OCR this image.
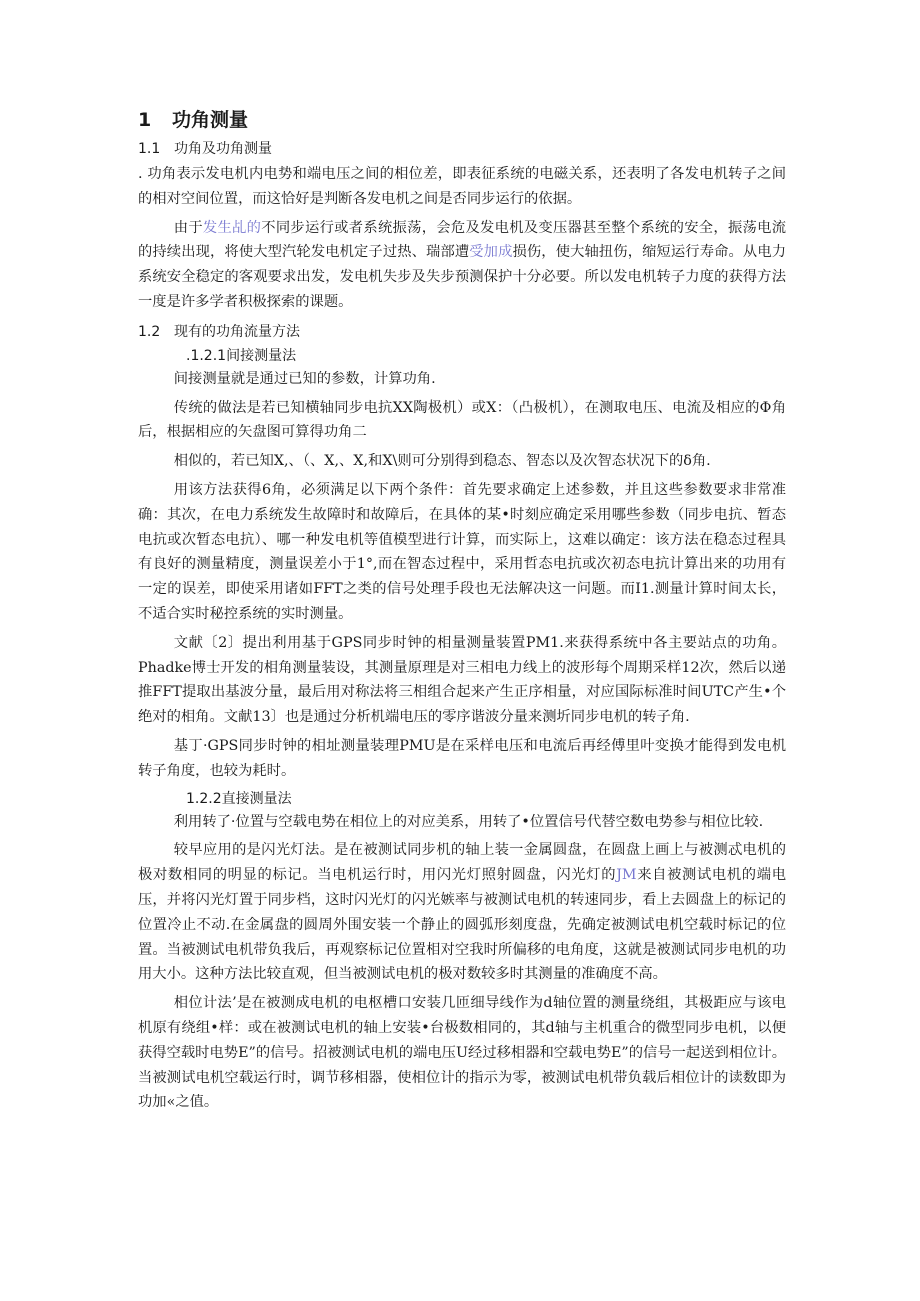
1 功角测量
1.1 功角及功角测量

. 功角表示发电机内电势和端电压之间的相位差，即表征系统的电磁关系，还表明了各发电机转子之间的相对空间位置，而这恰好是判断各发电机之间是否同步运行的依据。

由于发生乩的不同步运行或者系统振荡，会危及发电机及变压器甚至整个系统的安全，振荡电流的持续出现，将使大型汽轮发电机定子过热、瑞部遭受加成损伤，使大轴扭伤，缩短运行寿命。从电力系统安全稳定的客观要求出发，发电机失步及失步预测保护十分必要。所以发电机转子力度的获得方法一度是许多学者积极探索的课题。

1.2 现有的功角流量方法
.1.2.1间接测量法

间接测量就是通过已知的参数，计算功角.

传统的做法是若已知横轴同步电抗XX陶极机）或X：（凸极机），在测取电压、电流及相应的Φ角后，根据相应的矢盘图可算得功角二

相似的，若已知X,、（、X,、X,和X\则可分别得到稳态、智态以及次智态状况下的δ角.

用该方法获得6角，必须满足以下两个条件：首先要求确定上述参数，并且这些参数要求非常准确：其次，在电力系统发生故障时和故障后，在具体的某•时刻应确定采用哪些参数（同步电抗、暂态电抗或次暂态电抗）、哪一种发电机等值模型进行计算，而实际上，这难以确定：该方法在稳态过程具有良好的测量精度，测量误差小于1°,而在智态过程中，采用哲态电抗或次初态电抗计算出来的功用有一定的误差，即使采用诸如FFT之类的信号处理手段也无法解决这一问题。而I1.测量计算时间太长，不适合实时秘控系统的实时测量。

文献〔2〕提出利用基于GPS同步时钟的相量测量装置PM1.来获得系统中各主要站点的功角。Phadke博士开发的相角测量装设，其测量原理是对三相电力线上的波形每个周期采样12次，然后以递推FFT提取出基波分量，最后用对称法将三相组合起来产生正序相量，对应国际标准时间UTC产生•个绝对的相角。文献13〕也是通过分析机端电压的零序谐波分量来测圻同步电机的转子角.

基丁·GPS同步时钟的相址测量装理PMU是在采样电压和电流后再经傅里叶变换才能得到发电机转子角度，也较为耗时。

1.2.2直接测量法

利用转了·位置与空载电势在相位上的对应美系，用转了•位置信号代替空数电势参与相位比较.

较早应用的是闪光灯法。是在被测试同步机的轴上装一金属圆盘，在圆盘上画上与被测忒电机的极对数相同的明显的标记。当电机运行时，用闪光灯照射圆盘，闪光灯的JM来自被测试电机的端电压，并将闪光灯置于同步档，这时闪光灯的闪光嫉率与被测试电机的转速同步，看上去圆盘上的标记的位置冷止不动.在金属盘的圆周外围安装一个静止的圆弧形刻度盘，先确定被测试电机空载时标记的位置。当被测试电机带负我后，再观察标记位置相对空我时所偏移的电角度，这就是被测试同步电机的功用大小。这种方法比较直观，但当被测试电机的极对数较多时其测量的准确度不高。

相位计法’是在被测成电机的电枢槽口安装几匝细导线作为d轴位置的测量绕组，其极距应与该电机原有绕组•样：或在被测试电机的轴上安装•台极数相同的，其d轴与主机重合的微型同步电机，以便获得空载时电势E”的信号。招被测试电机的端电压U经过移相器和空载电势E”的信号一起送到相位计。当被测试电机空载运行时，调节移相器，使相位计的指示为零，被测试电机带负载后相位计的读数即为功加«之值。
